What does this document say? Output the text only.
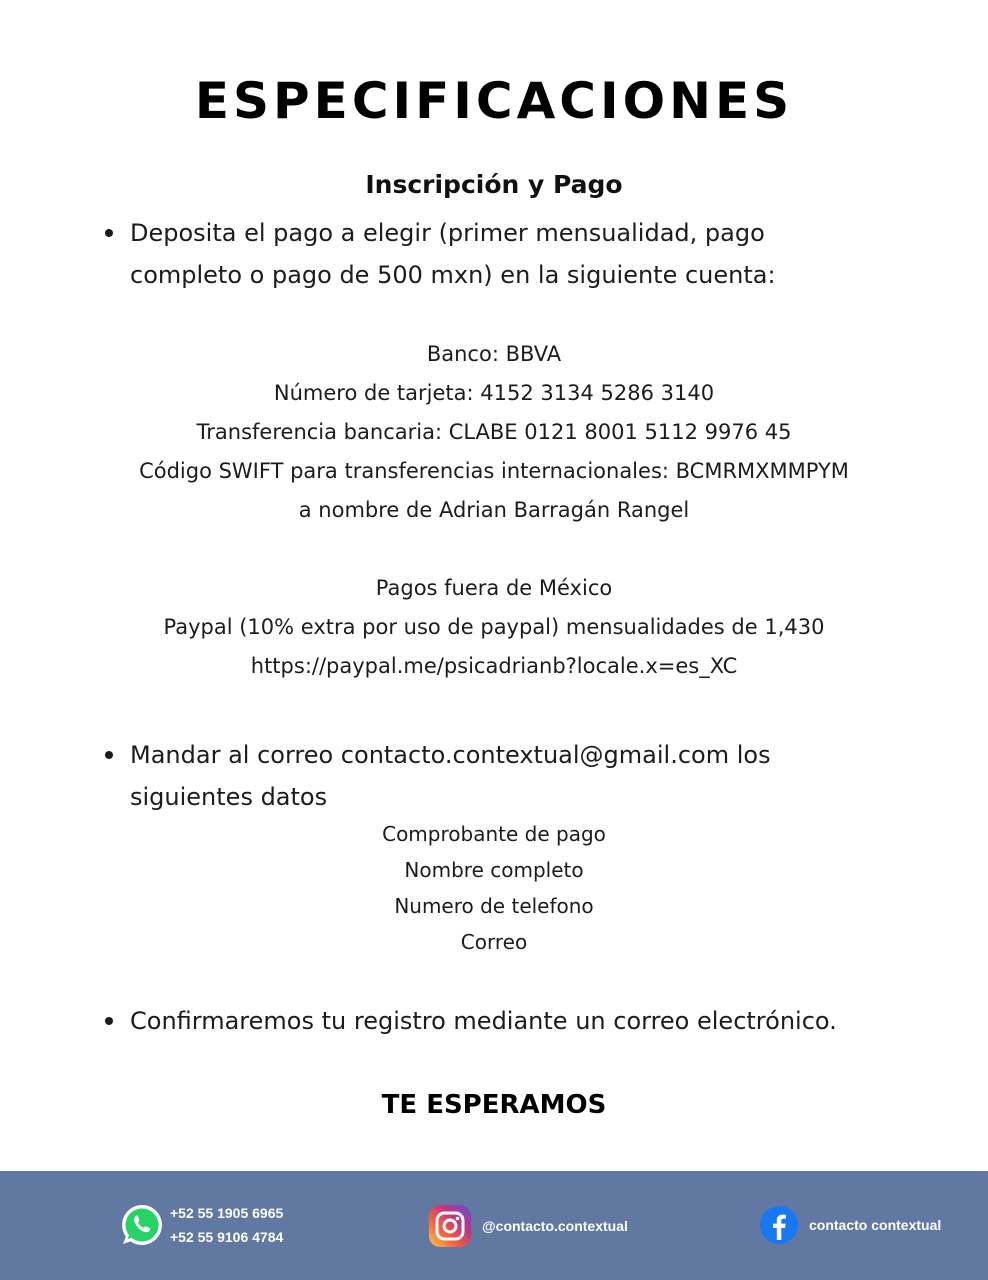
ESPECIFICACIONES
Inscripción y Pago
Deposita el pago a elegir (primer mensualidad, pago
completo o pago de 500 mxn) en la siguiente cuenta:
Banco: BBVA
Número de tarjeta: 4152 3134 5286 3140
Transferencia bancaria: CLABE 0121 8001 5112 9976 45
Código SWIFT para transferencias internacionales: BCMRMXMMPYM
a nombre de Adrian Barragán Rangel
Pagos fuera de México
Paypal (10% extra por uso de paypal) mensualidades de 1,430
https://paypal.me/psicadrianb?locale.x=es_XC
Mandar al correo contacto.contextual@gmail.com los
siguientes datos
Comprobante de pago
Nombre completo
Numero de telefono
Correo
Confirmaremos tu registro mediante un correo electrónico.
TE ESPERAMOS
+52 55 1905 6965
+52 55 9106 4784
@contacto.contextual	contacto contextual
